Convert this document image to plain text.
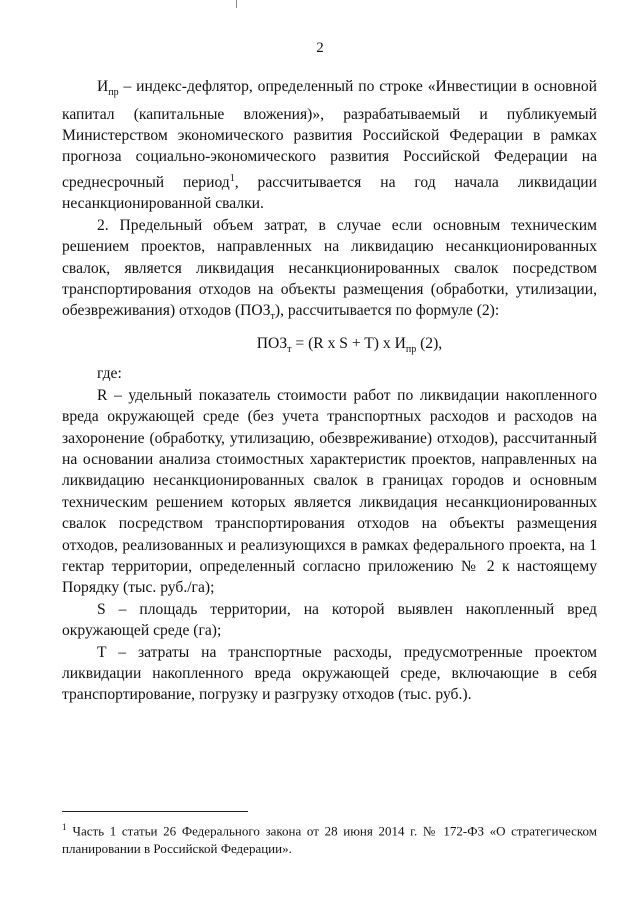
2

$И_{пр}$ – индекс-дефлятор, определенный по строке «Инвестиции в основной капитал (капитальные вложения)», разрабатываемый и публикуемый Министерством экономического развития Российской Федерации в рамках прогноза социально-экономического развития Российской Федерации на среднесрочный период$^1$, рассчитывается на год начала ликвидации несанкционированной свалки.

2. Предельный объем затрат, в случае если основным техническим решением проектов, направленных на ликвидацию несанкционированных свалок, является ликвидация несанкционированных свалок посредством транспортирования отходов на объекты размещения (обработки, утилизации, обезвреживания) отходов $(ПОЗ_т)$, рассчитывается по формуле (2):

$ПОЗ_т = (R$ x S + T) x $И_{пр}$ (2),

где:

R – удельный показатель стоимости работ по ликвидации накопленного вреда окружающей среде (без учета транспортных расходов и расходов на захоронение (обработку, утилизацию, обезвреживание) отходов), рассчитанный на основании анализа стоимостных характеристик проектов, направленных на ликвидацию несанкционированных свалок в границах городов и основным техническим решением которых является ликвидация несанкционированных свалок посредством транспортирования отходов на объекты размещения отходов, реализованных и реализующихся в рамках федерального проекта, на 1 гектар территории, определенный согласно приложению № 2 к настоящему Порядку (тыс. руб./га);

S – площадь территории, на которой выявлен накопленный вред окружающей среде (га);

T – затраты на транспортные расходы, предусмотренные проектом ликвидации накопленного вреда окружающей среде, включающие в себя транспортирование, погрузку и разгрузку отходов (тыс. руб.).

$^1$ Часть 1 статьи 26 Федерального закона от 28 июня 2014 г. № 172-ФЗ «О стратегическом планировании в Российской Федерации».
